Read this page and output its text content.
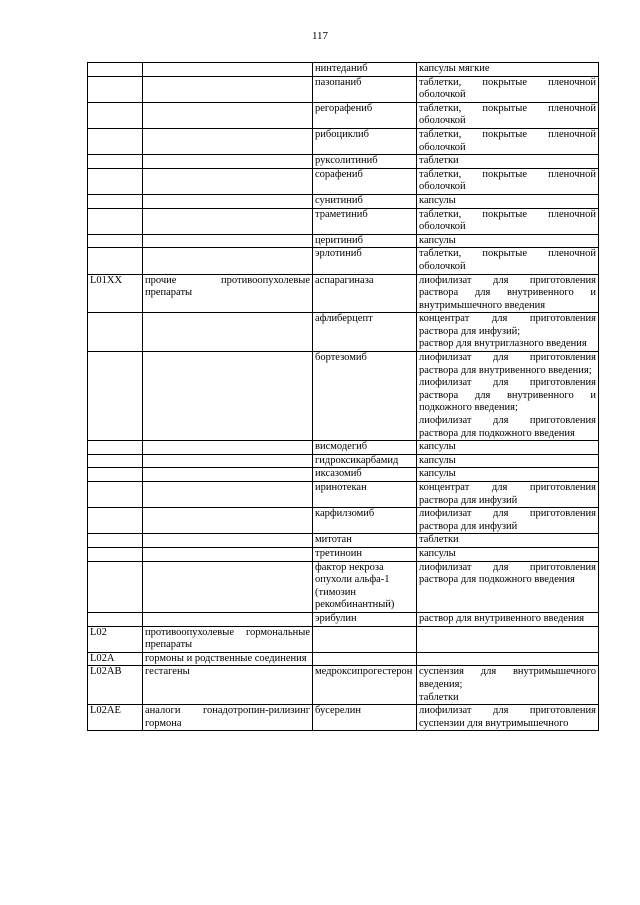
117
		нинтеданиб	капсулы мягкие

		пазопаниб	таблетки, покрытые пленочной оболочкой

		регорафениб	таблетки, покрытые пленочной оболочкой

		рибоциклиб	таблетки, покрытые пленочной оболочкой

		руксолитиниб	таблетки

		сорафениб	таблетки, покрытые пленочной оболочкой

		сунитиниб	капсулы

		траметиниб	таблетки, покрытые пленочной оболочкой

		церитиниб	капсулы

		эрлотиниб	таблетки, покрытые пленочной оболочкой

L01XX	прочие противоопухолевые препараты	аспарагиназа	лиофилизат для приготовления раствора для внутривенного и внутримышечного введения

		афлиберцепт	концентрат для приготовления раствора для инфузий;
раствор для внутриглазного введения

		бортезомиб	лиофилизат для приготовления раствора для внутривенного введения;
лиофилизат для приготовления раствора для внутривенного и подкожного введения;
лиофилизат для приготовления раствора для подкожного введения

		висмодегиб	капсулы

		гидроксикарбамид	капсулы

		иксазомиб	капсулы

		иринотекан	концентрат для приготовления раствора для инфузий

		карфилзомиб	лиофилизат для приготовления раствора для инфузий

		митотан	таблетки

		третиноин	капсулы

		фактор некроза опухоли альфа-1 (тимозин рекомбинантный)	лиофилизат для приготовления раствора для подкожного введения

		эрибулин	раствор для внутривенного введения

L02	противоопухолевые гормональные препараты		
L02A	гормоны и родственные соединения		
L02AB	гестагены	медроксипрогестерон	суспензия для внутримышечного введения;
таблетки

L02AE	аналоги гонадотропин-рилизинг гормона	бусерелин	лиофилизат для приготовления суспензии для внутримышечного
